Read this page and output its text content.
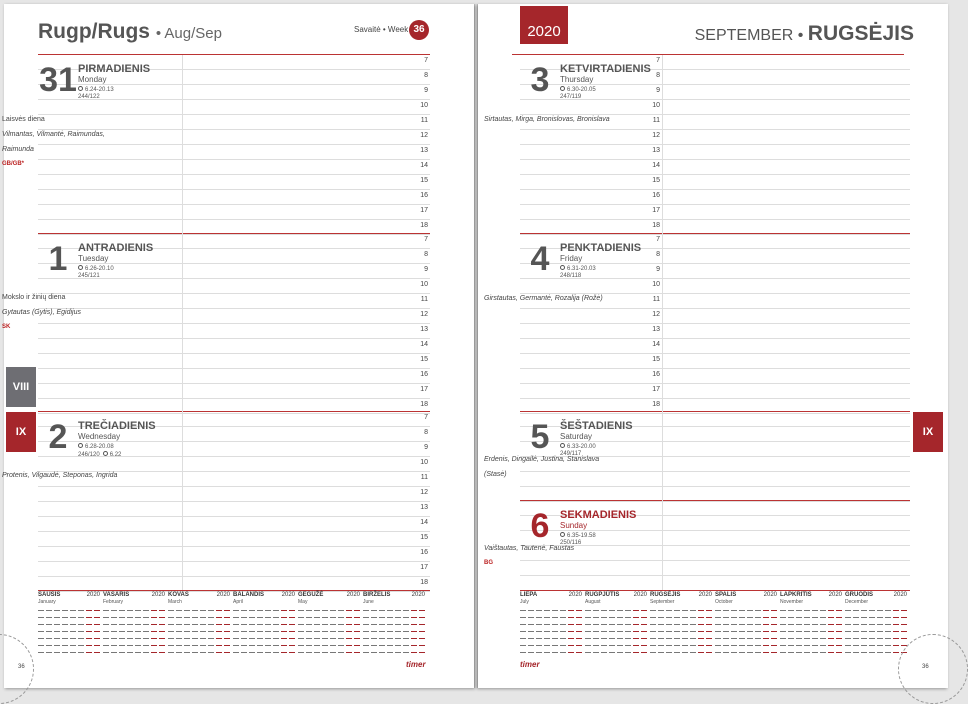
Rugp/Rugs • Aug/Sep	Savaitė • Week 36
7
8
9
10
11
12
13
14
15
16
17
18
7
8
9
10
11
12
13
14
15
16
17
18
7
8
9
10
11
12
13
14
15
16
17
18
SAUSIS	2020
January
VASARIS	2020
February
KOVAS	2020
March
BALANDIS	2020
April
GEGUŽĖ	2020
May
BIRŽELIS	2020
June
36	timer
31 PIRMADIENIS
Monday
6.24-20.13
244/122
Laisvės diena
Vilmantas, Vilmantė, Raimundas,
Raimunda
GB/GB*
1 ANTRADIENIS
Tuesday
6.26-20.10
245/121
Mokslo ir žinių diena
Gytautas (Gytis), Egidijus
SK
2 TREČIADIENIS
Wednesday
6.28-20.08
246/120 6.22
Protenis, Vilgaudė, Steponas, Ingrida
2020	SEPTEMBER • RUGSĖJIS
7
8
9
10
11
12
13
14
15
16
17
18
7
8
9
10
11
12
13
14
15
16
17
18
LIEPA	2020
July
RUGPJŪTIS 2020
August
RUGSĖJIS	2020
September
SPALIS	2020
October
LAPKRITIS	2020
November
GRUODIS	2020
December
36
timer
3 KETVIRTADIENIS
Thursday
6.30-20.05
247/119
Sirtautas, Mirga, Bronislovas, Bronislava
4 PENKTADIENIS
Friday
6.31-20.03
248/118
Girstautas, Germantė, Rozalija (Rožė)
5 ŠEŠTADIENIS
Saturday
6.33-20.00
249/117
Erdenis, Dingailė, Justina, Stanislava
(Stasė)
6 SEKMADIENIS
Sunday
6.35-19.58
250/116
Vaištautas, Tautenė, Faustas
BG
VIII
IX	IX
